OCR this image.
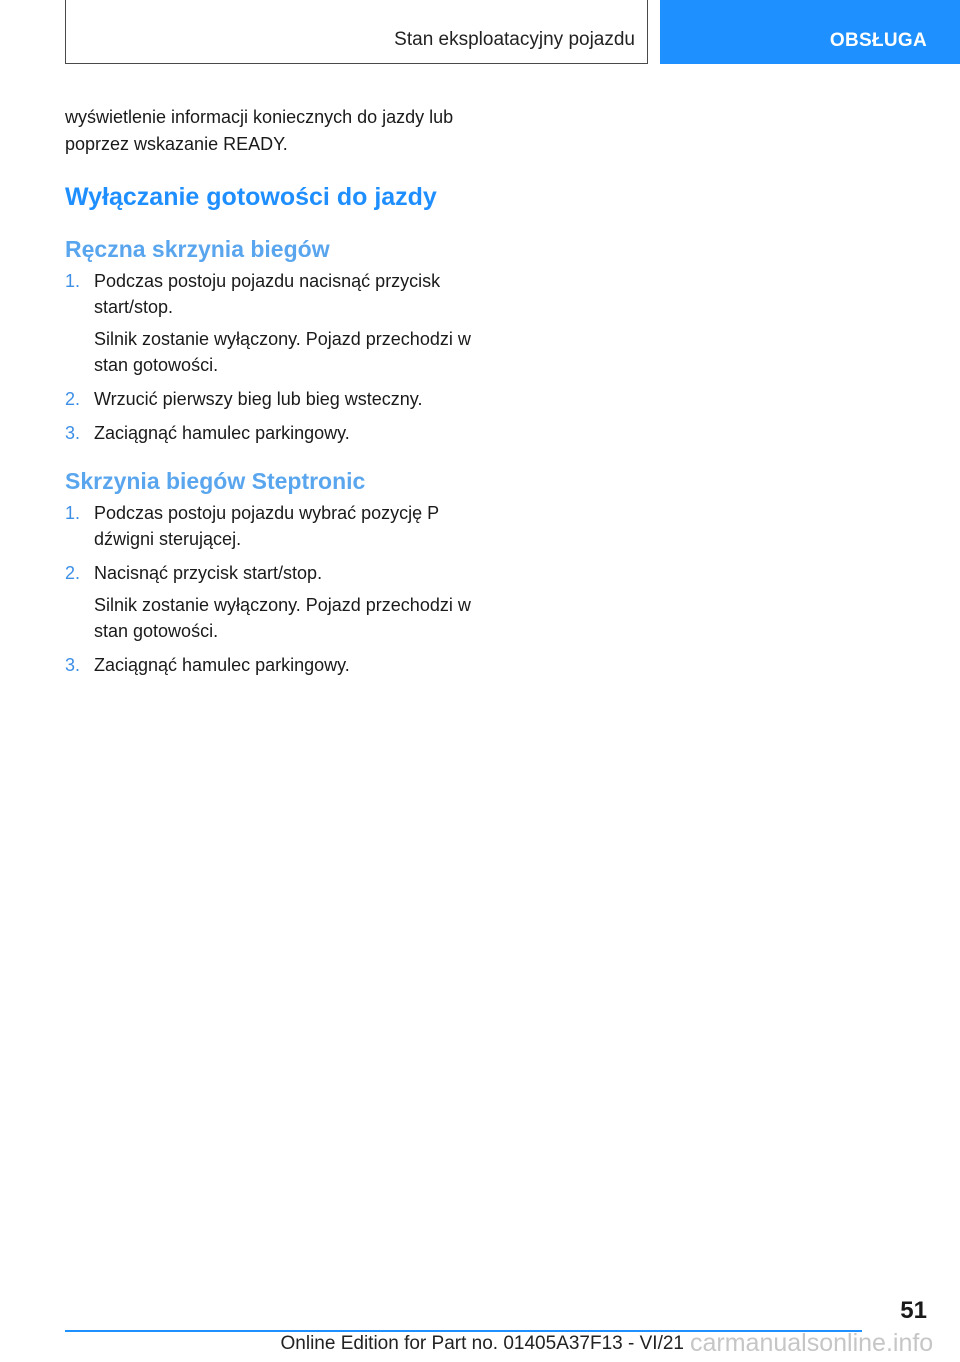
Stan eksploatacyjny pojazdu	OBSŁUGA

wyświetlenie informacji koniecznych do jazdy lub poprzez wskazanie READY.

Wyłączanie gotowości do jazdy
Ręczna skrzynia biegów
1. Podczas postoju pojazdu nacisnąć przycisk start/stop.

Silnik zostanie wyłączony. Pojazd przechodzi w stan gotowości.

2. Wrzucić pierwszy bieg lub bieg wsteczny.

3. Zaciągnąć hamulec parkingowy.

Skrzynia biegów Steptronic
1. Podczas postoju pojazdu wybrać pozycję P dźwigni sterującej.

2. Nacisnąć przycisk start/stop.

Silnik zostanie wyłączony. Pojazd przechodzi w stan gotowości.

3. Zaciągnąć hamulec parkingowy.

51
Online Edition for Part no. 01405A37F13 - VI/21 carmanualsonline.info
